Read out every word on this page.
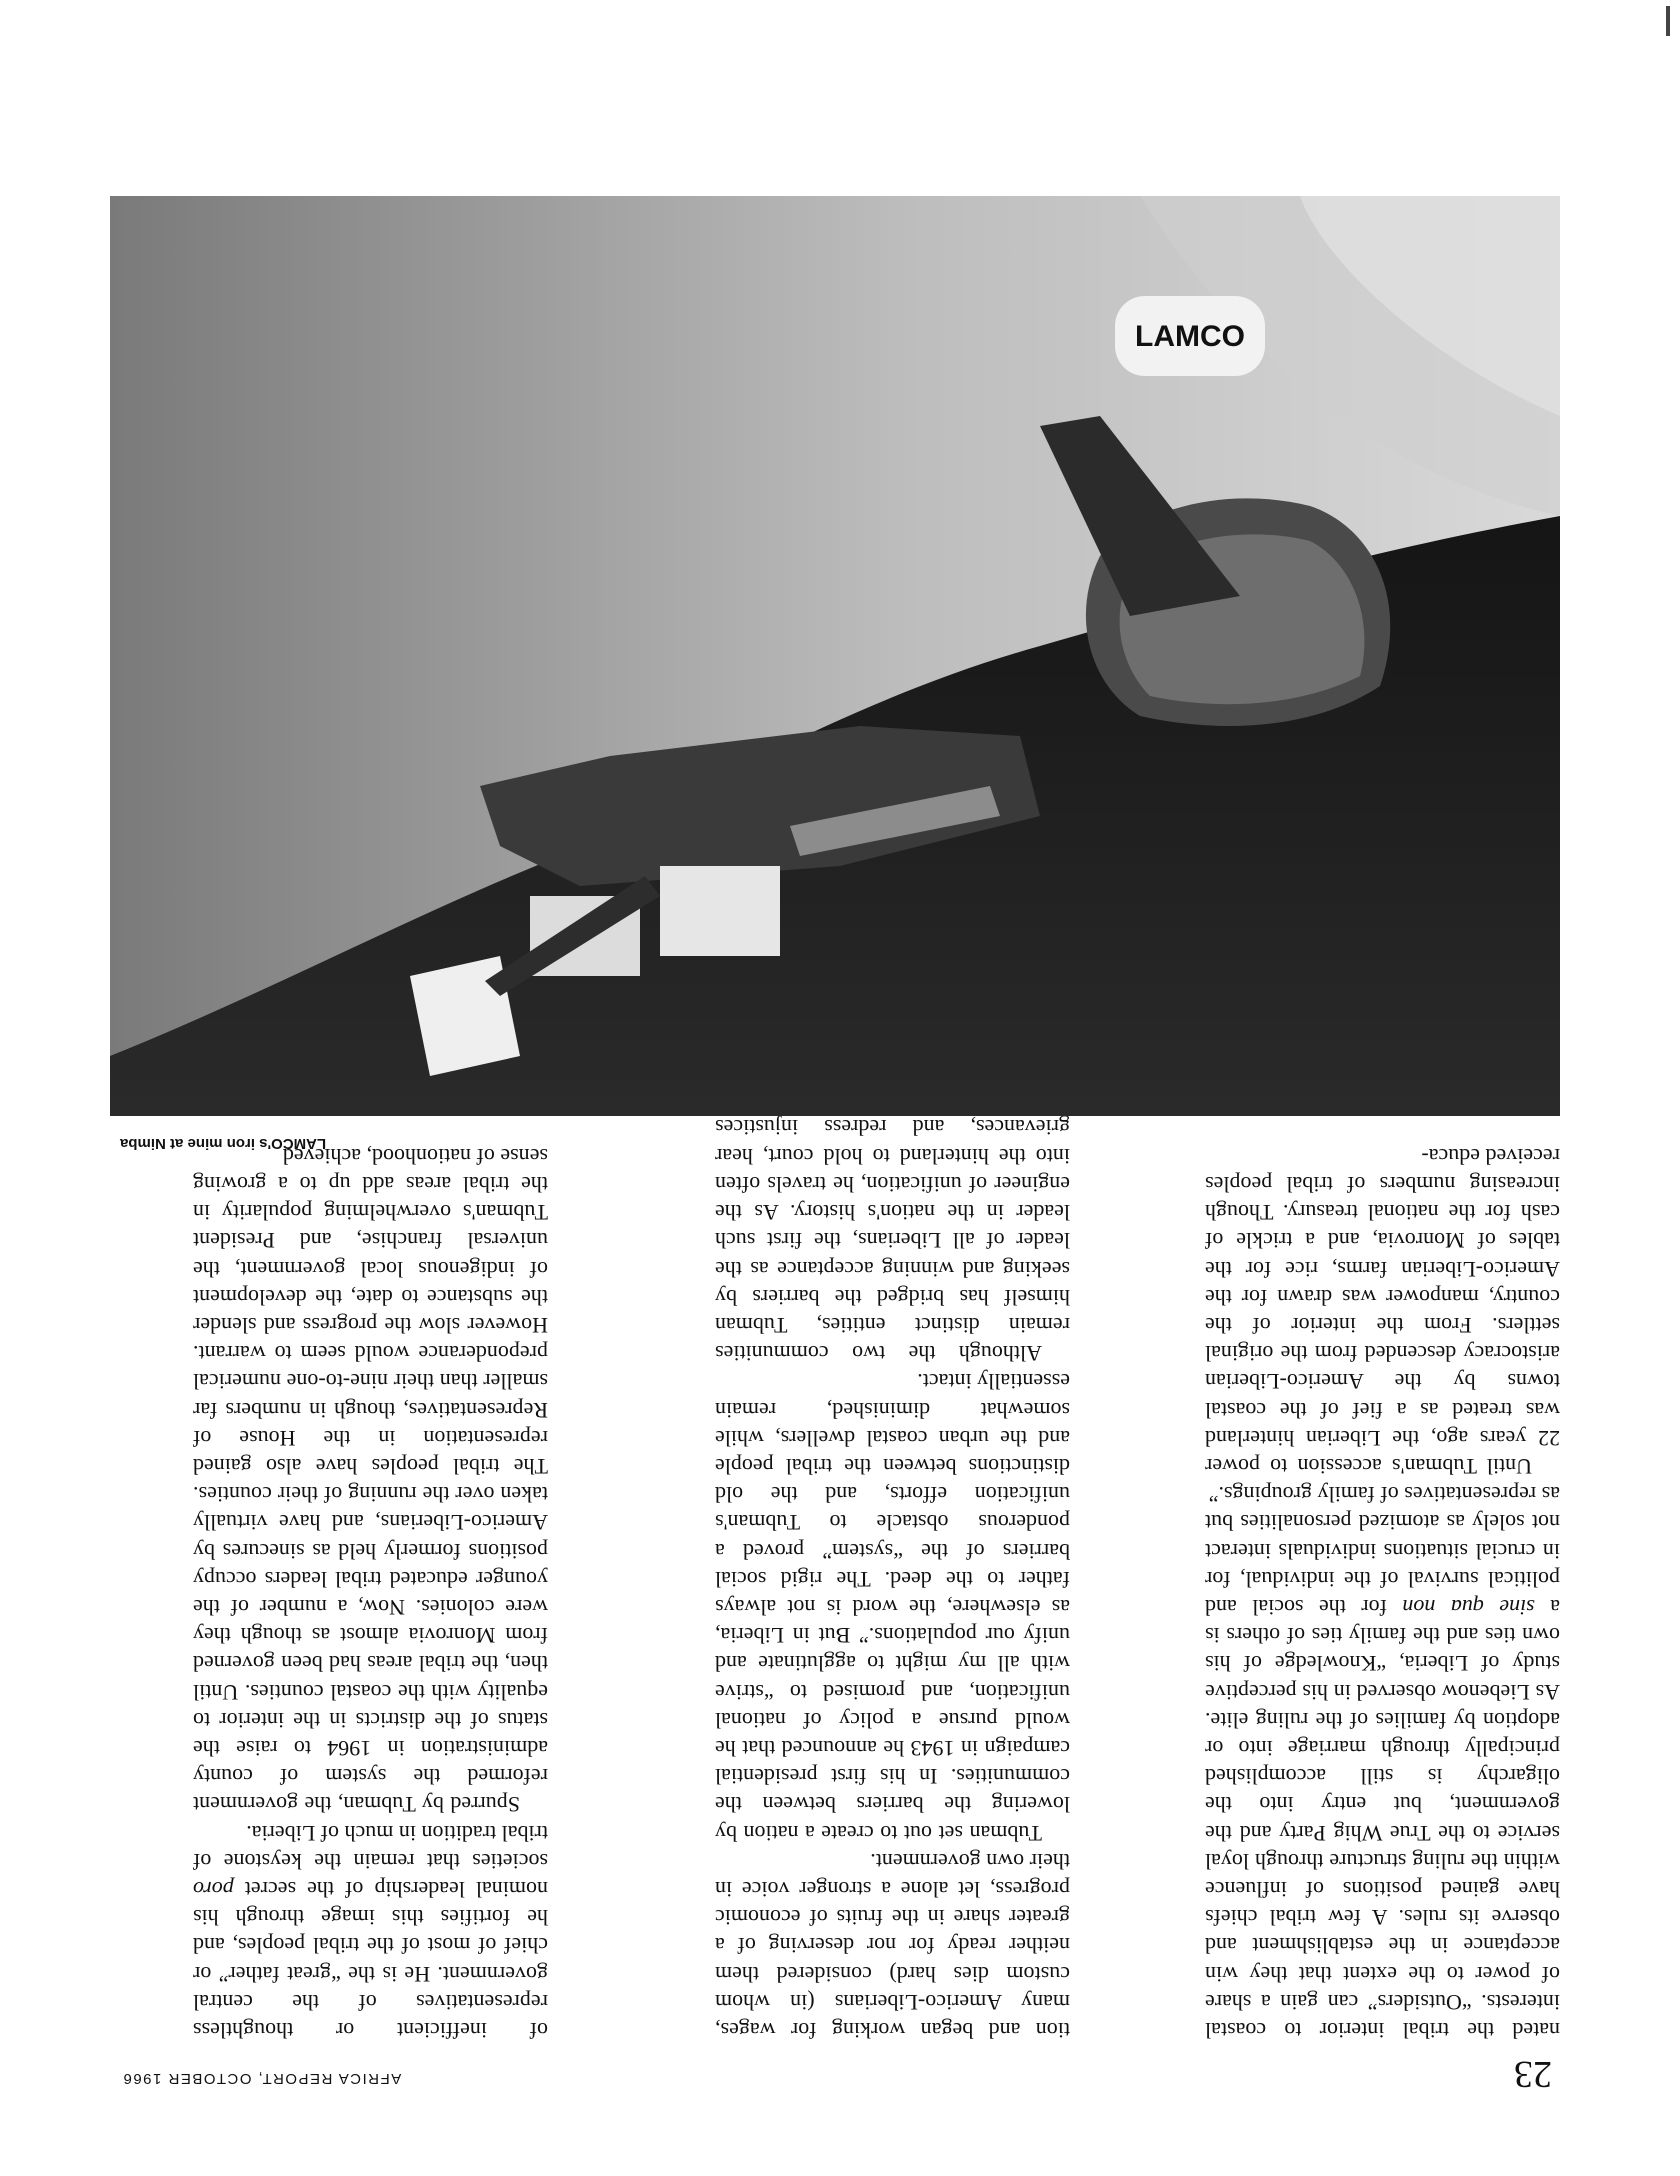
23
AFRICA REPORT, OCTOBER 1966

nated the tribal interior to coastal interests. “Outsiders” can gain a share of power to the extent that they win acceptance in the establishment and observe its rules. A few tribal chiefs have gained positions of influence within the ruling structure through loyal service to the True Whig Party and the government, but entry into the oligarchy is still accomplished principally through marriage into or adoption by families of the ruling elite. As Liebenow observed in his perceptive study of Liberia, “Knowledge of his own ties and the family ties of others is a sine qua non for the social and political survival of the individual, for in crucial situations individuals interact not solely as atomized personalities but as representatives of family groupings.”

Until Tubman's accession to power 22 years ago, the Liberian hinterland was treated as a fief of the coastal towns by the Americo-Liberian aristocracy descended from the original settlers. From the interior of the country, manpower was drawn for the Americo-Liberian farms, rice for the tables of Monrovia, and a trickle of cash for the national treasury. Though increasing numbers of tribal peoples received educa-

tion and began working for wages, many Americo-Liberians (in whom custom dies hard) considered them neither ready for nor deserving of a greater share in the fruits of economic progress, let alone a stronger voice in their own government.

Tubman set out to create a nation by lowering the barriers between the communities. In his first presidential campaign in 1943 he announced that he would pursue a policy of national unification, and promised to “strive with all my might to agglutinate and unify our populations.” But in Liberia, as elsewhere, the word is not always father to the deed. The rigid social barriers of the “system” proved a ponderous obstacle to Tubman's unification efforts, and the old distinctions between the tribal people and the urban coastal dwellers, while somewhat diminished, remain essentially intact.

Although the two communities remain distinct entities, Tubman himself has bridged the barriers by seeking and winning acceptance as the leader of all Liberians, the first such leader in the nation's history. As the engineer of unification, he travels often into the hinterland to hold court, hear grievances, and redress injustices

of inefficient or thoughtless representatives of the central government. He is the “great father” or chief of most of the tribal peoples, and he fortifies this image through his nominal leadership of the secret poro societies that remain the keystone of tribal tradition in much of Liberia.

Spurred by Tubman, the government reformed the system of county administration in 1964 to raise the status of the districts in the interior to equality with the coastal counties. Until then, the tribal areas had been governed from Monrovia almost as though they were colonies. Now, a number of the younger educated tribal leaders occupy positions formerly held as sinecures by Americo-Liberians, and have virtually taken over the running of their counties. The tribal peoples have also gained representation in the House of Representatives, though in numbers far smaller than their nine-to-one numerical preponderance would seem to warrant. However slow the progress and slender the substance to date, the development of indigenous local government, the universal franchise, and President Tubman's overwhelming popularity in the tribal areas add up to a growing sense of nationhood, achieved

LAMCO's iron mine at Nimba
LAMCO
